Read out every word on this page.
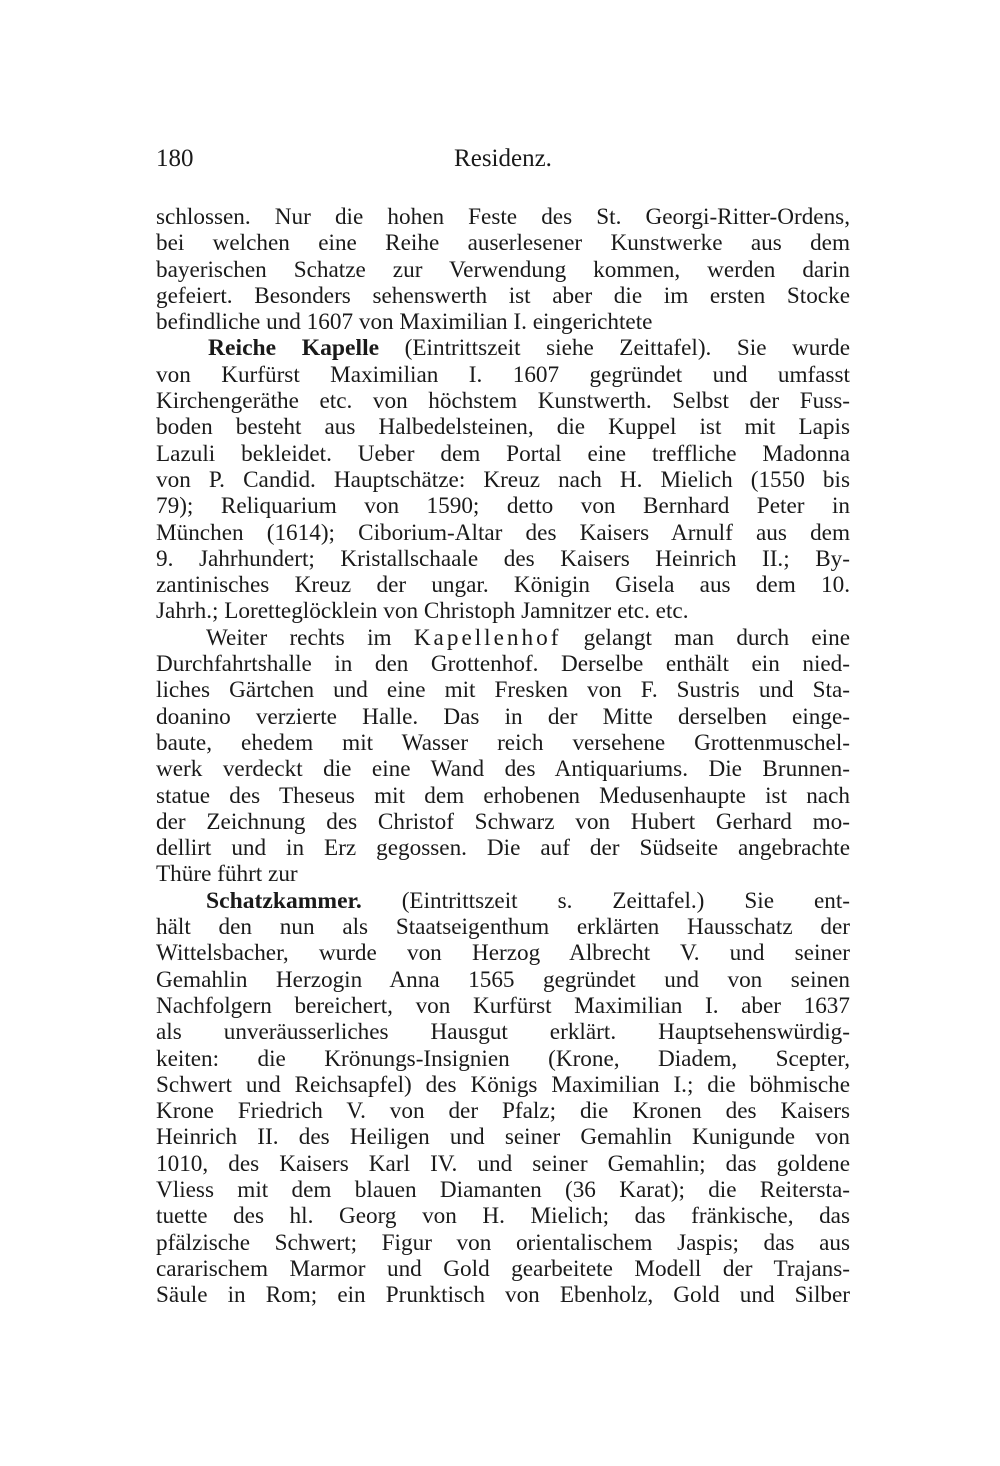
180	Residenz.
schlossen. Nur die hohen Feste des St. Georgi-Ritter-Ordens,
bei welchen eine Reihe auserlesener Kunstwerke aus dem
bayerischen Schatze zur Verwendung kommen, werden darin
gefeiert. Besonders sehenswerth ist aber die im ersten Stocke
befindliche und 1607 von Maximilian I. eingerichtete
Reiche Kapelle (Eintrittszeit siehe Zeittafel). Sie wurde
von Kurfürst Maximilian I. 1607 gegründet und umfasst
Kirchengeräthe etc. von höchstem Kunstwerth. Selbst der Fuss-
boden besteht aus Halbedelsteinen, die Kuppel ist mit Lapis
Lazuli bekleidet. Ueber dem Portal eine treffliche Madonna
von P. Candid. Hauptschätze: Kreuz nach H. Mielich (1550 bis
79); Reliquarium von 1590; detto von Bernhard Peter in
München (1614); Ciborium-Altar des Kaisers Arnulf aus dem
9. Jahrhundert; Kristallschaale des Kaisers Heinrich II.; By-
zantinisches Kreuz der ungar. Königin Gisela aus dem 10.
Jahrh.; Loretteglöcklein von Christoph Jamnitzer etc. etc.
Weiter rechts im Kapellenhof gelangt man durch eine
Durchfahrtshalle in den Grottenhof. Derselbe enthält ein nied-
liches Gärtchen und eine mit Fresken von F. Sustris und Sta-
doanino verzierte Halle. Das in der Mitte derselben einge-
baute, ehedem mit Wasser reich versehene Grottenmuschel-
werk verdeckt die eine Wand des Antiquariums. Die Brunnen-
statue des Theseus mit dem erhobenen Medusenhaupte ist nach
der Zeichnung des Christof Schwarz von Hubert Gerhard mo-
dellirt und in Erz gegossen. Die auf der Südseite angebrachte
Thüre führt zur
Schatzkammer. (Eintrittszeit s. Zeittafel.) Sie ent-
hält den nun als Staatseigenthum erklärten Hausschatz der
Wittelsbacher, wurde von Herzog Albrecht V. und seiner
Gemahlin Herzogin Anna 1565 gegründet und von seinen
Nachfolgern bereichert, von Kurfürst Maximilian I. aber 1637
als unveräusserliches Hausgut erklärt. Hauptsehenswürdig-
keiten: die Krönungs-Insignien (Krone, Diadem, Scepter,
Schwert und Reichsapfel) des Königs Maximilian I.; die böhmische
Krone Friedrich V. von der Pfalz; die Kronen des Kaisers
Heinrich II. des Heiligen und seiner Gemahlin Kunigunde von
1010, des Kaisers Karl IV. und seiner Gemahlin; das goldene
Vliess mit dem blauen Diamanten (36 Karat); die Reitersta-
tuette des hl. Georg von H. Mielich; das fränkische, das
pfälzische Schwert; Figur von orientalischem Jaspis; das aus
cararischem Marmor und Gold gearbeitete Modell der Trajans-
Säule in Rom; ein Prunktisch von Ebenholz, Gold und Silber
